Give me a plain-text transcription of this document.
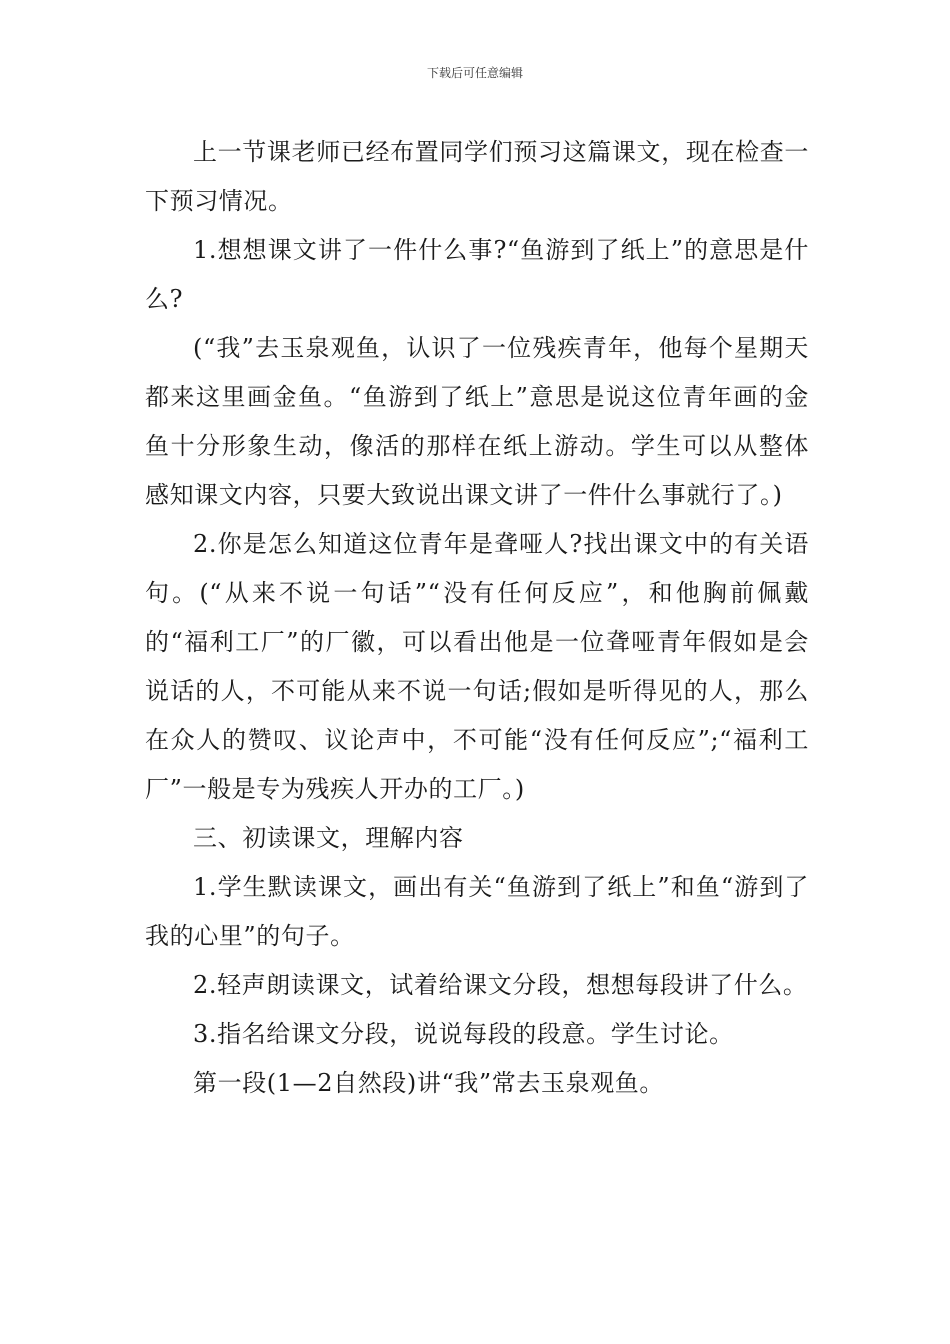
下载后可任意编辑

上一节课老师已经布置同学们预习这篇课文，现在检查一下预习情况。

1.想想课文讲了一件什么事?“鱼游到了纸上”的意思是什么?

(“我”去玉泉观鱼，认识了一位残疾青年，他每个星期天都来这里画金鱼。“鱼游到了纸上”意思是说这位青年画的金鱼十分形象生动，像活的那样在纸上游动。学生可以从整体感知课文内容，只要大致说出课文讲了一件什么事就行了。)

2.你是怎么知道这位青年是聋哑人?找出课文中的有关语句。(“从来不说一句话”“没有任何反应”，和他胸前佩戴的“福利工厂”的厂徽，可以看出他是一位聋哑青年假如是会说话的人，不可能从来不说一句话;假如是听得见的人，那么在众人的赞叹、议论声中，不可能“没有任何反应”;“福利工厂”一般是专为残疾人开办的工厂。)

三、初读课文，理解内容

1.学生默读课文，画出有关“鱼游到了纸上”和鱼“游到了我的心里”的句子。

2.轻声朗读课文，试着给课文分段，想想每段讲了什么。

3.指名给课文分段，说说每段的段意。学生讨论。

第一段(1—2自然段)讲“我”常去玉泉观鱼。
